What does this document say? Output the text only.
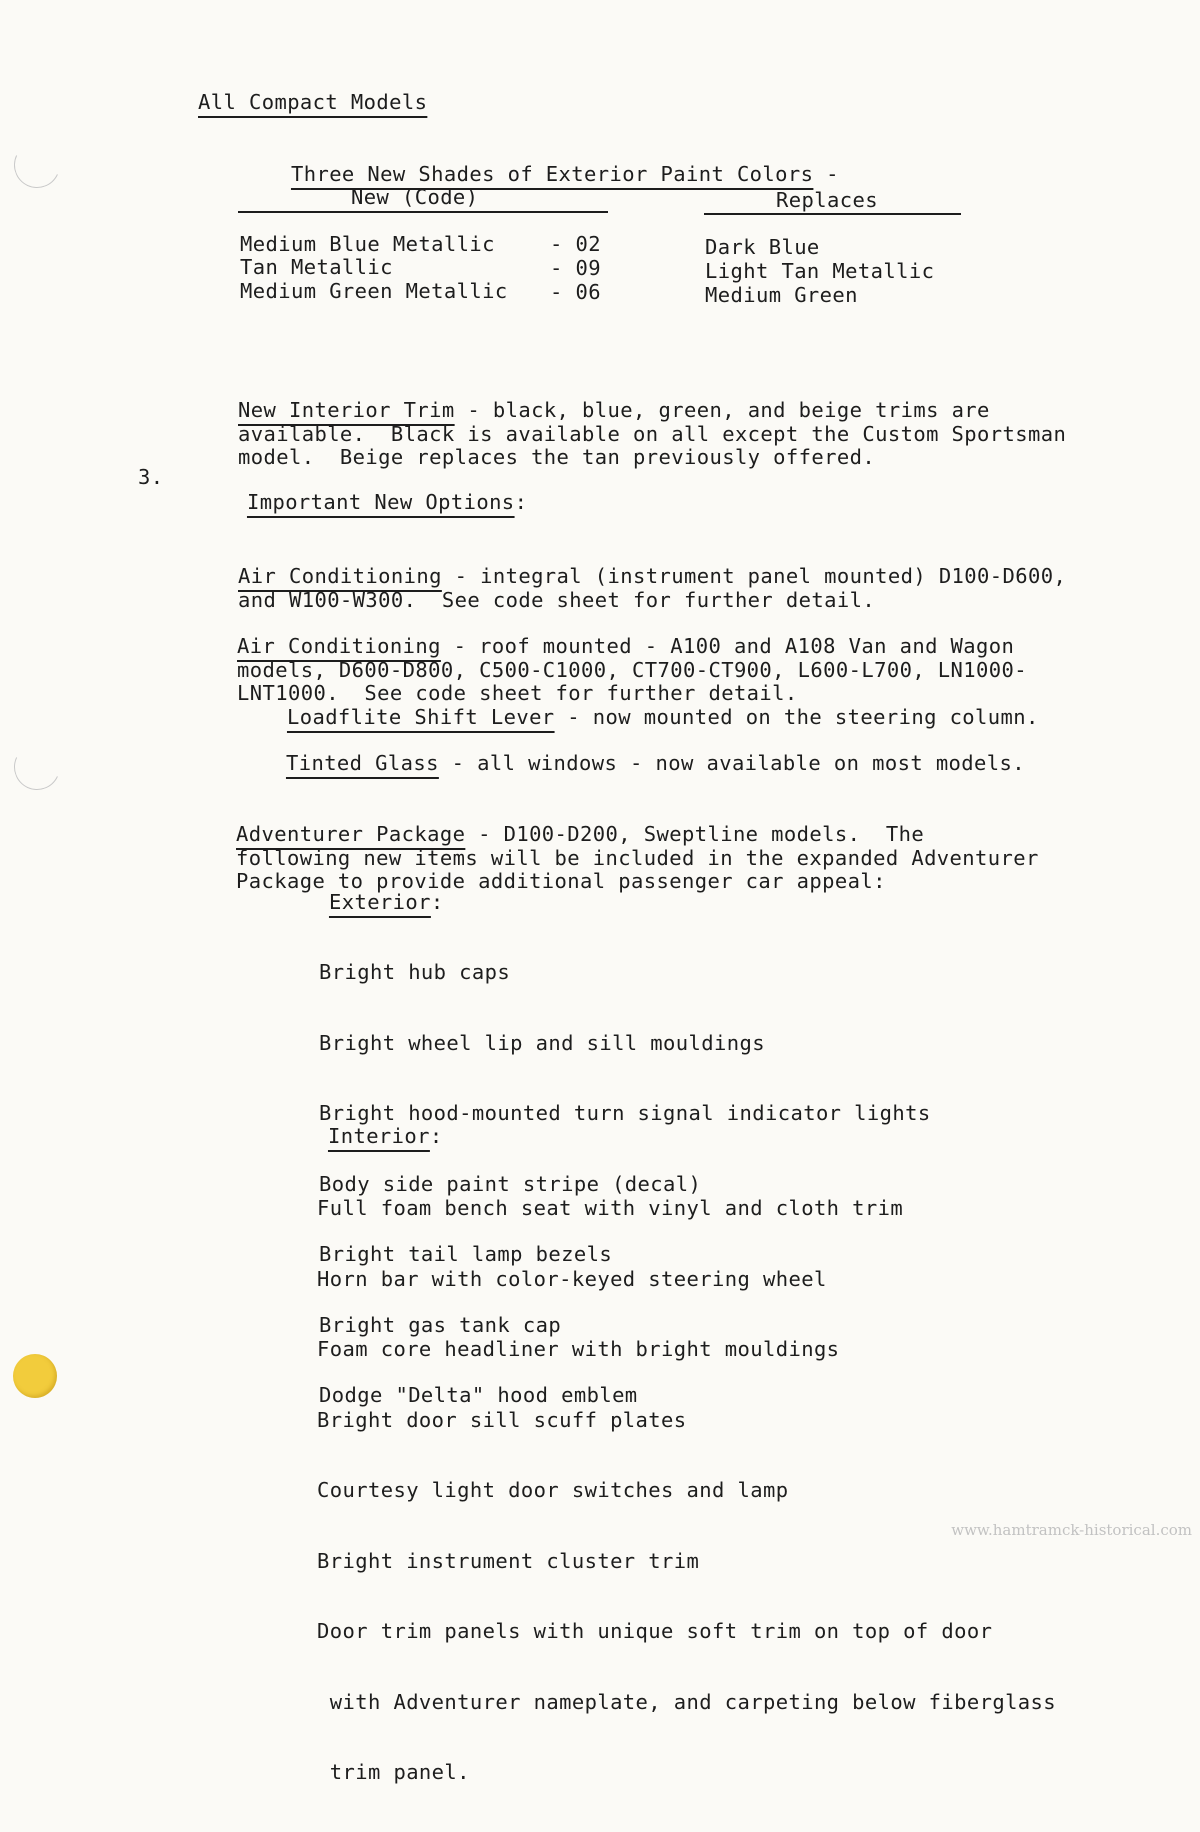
All Compact Models

Three New Shades of Exterior Paint Colors -

New (Code)	Replaces
Medium Blue Metallic	- 02	Dark Blue
Tan Metallic	- 09	Light Tan Metallic
Medium Green Metallic - 06	Medium Green

New Interior Trim - black, blue, green, and beige trims are
available.  Black is available on all except the Custom Sportsman
model.  Beige replaces the tan previously offered.

3.

Important New Options:

Air Conditioning - integral (instrument panel mounted) D100-D600,
and W100-W300.  See code sheet for further detail.

Air Conditioning - roof mounted - A100 and A108 Van and Wagon
models, D600-D800, C500-C1000, CT700-CT900, L600-L700, LN1000-
LNT1000.  See code sheet for further detail.

Loadflite Shift Lever - now mounted on the steering column.

Tinted Glass - all windows - now available on most models.

Adventurer Package - D100-D200, Sweptline models.  The
following new items will be included in the expanded Adventurer
Package to provide additional passenger car appeal:

Exterior:

Bright hub caps

Bright wheel lip and sill mouldings

Bright hood-mounted turn signal indicator lights

Body side paint stripe (decal)

Bright tail lamp bezels

Bright gas tank cap

Dodge "Delta" hood emblem

Interior:

Full foam bench seat with vinyl and cloth trim

Horn bar with color-keyed steering wheel

Foam core headliner with bright mouldings

Bright door sill scuff plates

Courtesy light door switches and lamp

Bright instrument cluster trim

Door trim panels with unique soft trim on top of door

with Adventurer nameplate, and carpeting below fiberglass

trim panel.

www.hamtramck-historical.com
